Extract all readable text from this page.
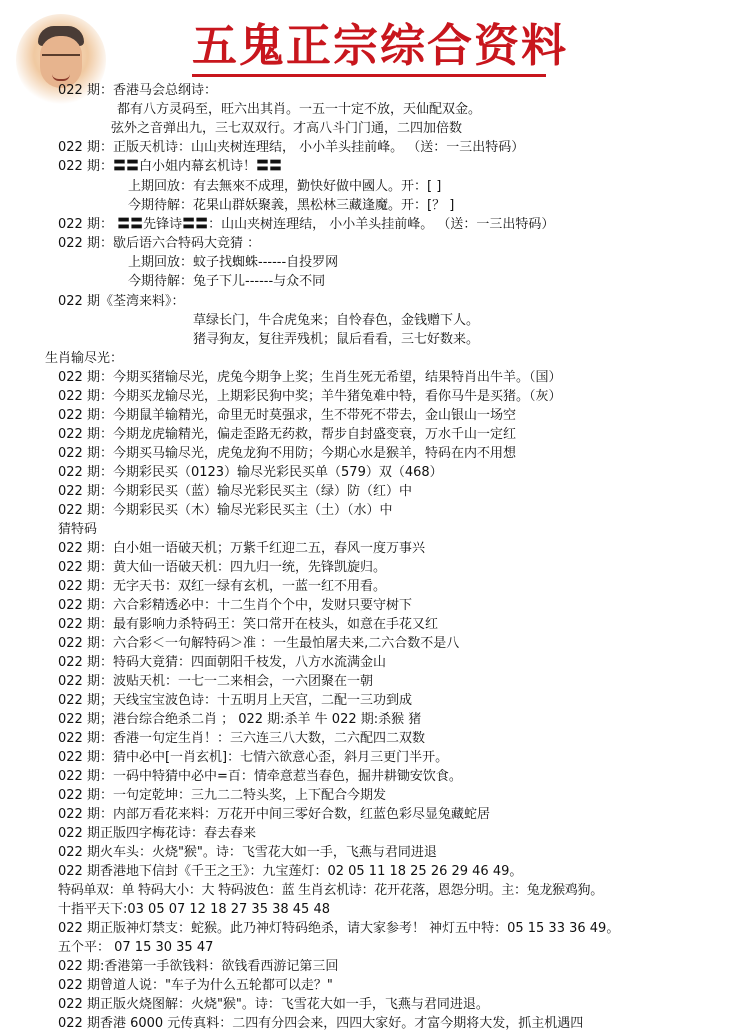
五鬼正宗综合资料
022 期：香港马会总纲诗：
都有八方灵码至，旺六出其肖。一五一十定不放，天仙配双金。
弦外之音弹出九，三七双双行。才高八斗门门通，二四加倍数
022 期：正版天机诗：山山夹树连理结， 小小羊头挂前峰。 （送：一三出特码）
022 期：〓〓白小姐内幕玄机诗！〓〓
上期回放：有去無來不成理，勤快好做中國人。开：[ ]
今期待解：花果山群妖聚義，黑松林三藏逢魔。开：[？ ]
022 期： 〓〓先锋诗〓〓：山山夹树连理结， 小小羊头挂前峰。 （送：一三出特码）
022 期：歇后语六合特码大竞猜 ：
上期回放：蚊子找蜘蛛------自投罗网
今期待解：兔子下儿------与众不同
022 期《荃湾来料》：
草绿长门，牛合虎兔来；自怜春色，金钱赠下人。
猪寻狗友，复往弄残机；鼠后看看，三七好数来。
生肖输尽光：
022 期：今期买猪输尽光，虎兔今期争上奖；生肖生死无希望，结果特肖出牛羊。（国）
022 期：今期买龙输尽光，上期彩民狗中奖；羊牛猪兔难中特，看你马牛是买猪。（灰）
022 期：今期鼠羊输精光，命里无时莫强求，生不带死不带去，金山银山一场空
022 期：今期龙虎输精光，偏走歪路无药救，帮步自封盛变衰，万水千山一定红
022 期：今期买马输尽光，虎兔龙狗不用防；今期心水是猴羊，特码在内不用想
022 期：今期彩民买（0123）输尽光彩民买单（579）双（468）
022 期：今期彩民买（蓝）输尽光彩民买主（绿）防（红）中
022 期：今期彩民买（木）输尽光彩民买主（土）（水）中
猜特码
022 期：白小姐一语破天机；万紫千红迎二五，春风一度万事兴
022 期：黄大仙一语破天机：四九归一统，先锋凯旋归。
022 期：无字天书：双红一绿有玄机，一蓝一红不用看。
022 期：六合彩精透必中：十二生肖个个中，发财只要守树下
022 期：最有影响力杀特码王：笑口常开在枝头，如意在手花又红
022 期：六合彩＜一句解特码＞准 ：一生最怕屠夫来,二六合数不是八
022 期：特码大竟猜：四面朝阳千枝发，八方水流满金山
022 期：波贴天机：一七一二来相会，一六团聚在一朝
022 期；天线宝宝波色诗：十五明月上天宫，二配一三功到成
022 期；港台综合绝杀二肖 ； 022 期:杀羊 牛 022 期:杀猴 猪
022 期：香港一句定生肖！：三六连三八大数，二六配四二双数
022 期：猜中必中[一肖玄机]：七情六欲意心歪，斜月三更门半开。
022 期：一码中特猜中必中=百：情牵意惹当春色，掘井耕锄安饮食。
022 期：一句定乾坤：三九二二特头奖，上下配合今期发
022 期：内部万看花来料：万花开中间三零好合数，红蓝色彩尽显兔藏蛇居
022 期正版四字梅花诗：春去春来
022 期火车头：火烧"猴"。诗：飞雪花大如一手，飞燕与君同进退
022 期香港地下信封《千王之王》：九宝莲灯：02 05 11 18 25 26 29 46 49。
特码单双：单 特码大小：大 特码波色：蓝 生肖玄机诗：花开花落，恩怨分明。主：兔龙猴鸡狗。
十指平天下:03 05 07 12 18 27 35 38 45 48
022 期正版神灯禁支：蛇猴。此乃神灯特码绝杀，请大家参考！ 神灯五中特：05 15 33 36 49。
五个平： 07 15 30 35 47
022 期:香港第一手欲钱料：欲钱看西游记第三回
022 期曾道人说："车子为什么五轮都可以走？"
022 期正版火烧图解：火烧"猴"。诗：飞雪花大如一手，飞燕与君同进退。
022 期香港 6000 元传真料：二四有分四会来，四四大家好。才富今期将大发，抓主机遇四
